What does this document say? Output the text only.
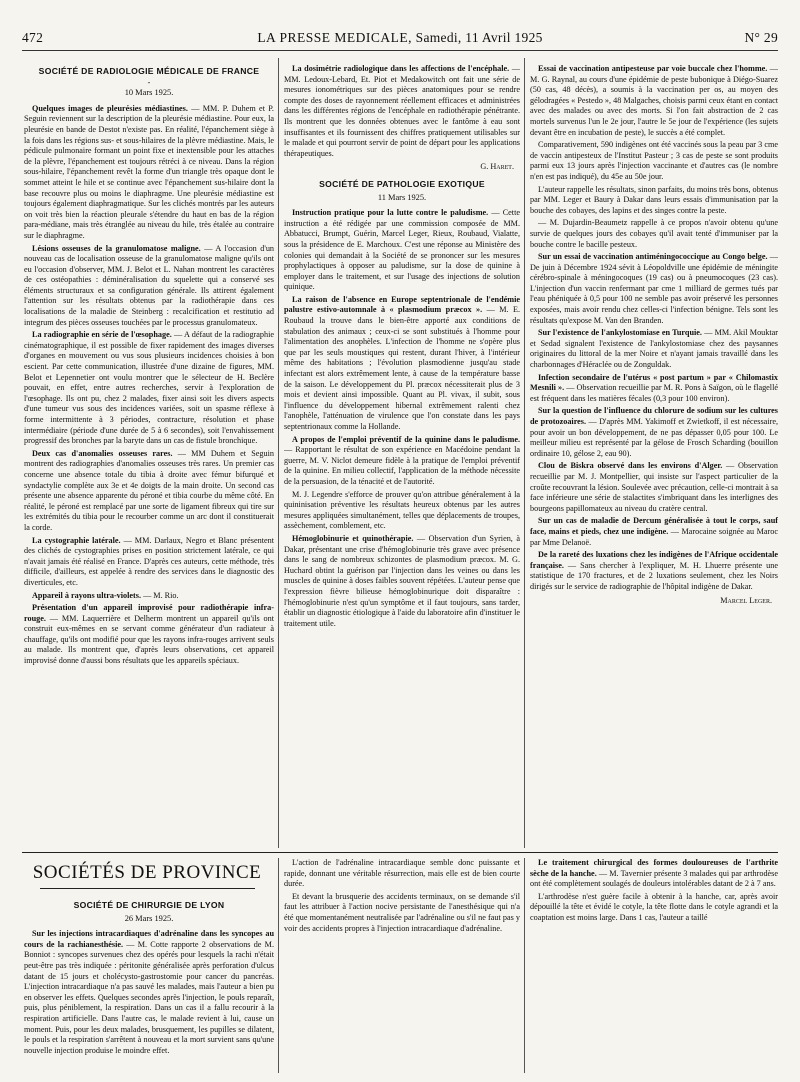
472	LA PRESSE MEDICALE, Samedi, 11 Avril 1925	N° 29
SOCIÉTÉ DE RADIOLOGIE MÉDICALE DE FRANCE
-
10 Mars 1925.

Quelques images de pleurésies médiastines. — MM. P. Duhem et P. Seguin reviennent sur la description de la pleurésie médiastine. Pour eux, la pleurésie en bande de Destot n'existe pas. En réalité, l'épanchement siège à la fois dans les régions sus- et sous-hilaires de la plèvre médiastine. Mais, le pédicule pulmonaire formant un point fixe et inextensible pour les attaches de la plèvre, l'épanchement est toujours rétréci à ce niveau. Dans la région sous-hilaire, l'épanchement revêt la forme d'un triangle très opaque dont le sommet atteint le hile et se continue avec l'épanchement sus-hilaire dont la base recouvre plus ou moins le diaphragme. Une pleurésie médiastine est toujours également diaphragmatique. Sur les clichés montrés par les auteurs on voit très bien la réaction pleurale s'étendre du haut en bas de la région para-médiane, mais très étranglée au niveau du hile, très étalée au contraire sur le diaphragme.

Lésions osseuses de la granulomatose maligne. — A l'occasion d'un nouveau cas de localisation osseuse de la granulomatose maligne qu'ils ont eu l'occasion d'observer, MM. J. Belot et L. Nahan montrent les caractères de ces ostéopathies : déminéralisation du squelette qui a conservé ses éléments structuraux et sa configuration générale. Ils attirent également l'attention sur les résultats obtenus par la radiothérapie dans ces localisations de la maladie de Steinberg : recalcification et restitutio ad integrum des pièces osseuses touchées par le processus granulomateux.

La radiographie en série de l'œsophage. — A défaut de la radiographie cinématographique, il est possible de fixer rapidement des images diverses d'organes en mouvement ou vus sous plusieurs incidences choisies à bon escient. Par cette communication, illustrée d'une dizaine de figures, MM. Belot et Lepennetier ont voulu montrer que le sélecteur de H. Beclère pouvait, en effet, entre autres recherches, servir à l'exploration de l'œsophage. Ils ont pu, chez 2 malades, fixer ainsi soit les divers aspects d'une tumeur vus sous des incidences variées, soit un spasme réflexe à forme intermittente à 3 périodes, contracture, résolution et phase intermédiaire (période d'une durée de 5 à 6 secondes), soit l'envahissement progressif des bronches par la baryte dans un cas de fistule bronchique.

Deux cas d'anomalies osseuses rares. — MM Duhem et Seguin montrent des radiographies d'anomalies osseuses très rares. Un premier cas concerne une absence totale du tibia à droite avec fémur bifurqué et syndactylie complète aux 3e et 4e doigts de la main droite. Un second cas présente une absence apparente du péroné et tibia courbe du même côté. En réalité, le péroné est remplacé par une sorte de ligament fibreux qui tire sur les extrémités du tibia pour le recourber comme un arc dont il constituerait la corde.

La cystographie latérale. — MM. Darlaux, Negro et Blanc présentent des clichés de cystographies prises en position strictement latérale, ce qui n'avait jamais été réalisé en France. D'après ces auteurs, cette méthode, très difficile, d'ailleurs, est appelée à rendre des services dans le diagnostic des diverticules, etc.

Appareil à rayons ultra-violets. — M. Rio.

Présentation d'un appareil improvisé pour radiothérapie infra-rouge. — MM. Laquerrière et Delherm montrent un appareil qu'ils ont construit eux-mêmes en se servant comme générateur d'un radiateur à chauffage, qu'ils ont modifié pour que les rayons infra-rouges arrivent seuls au malade. Ils montrent que, d'après leurs observations, cet appareil improvisé donne d'aussi bons résultats que les appareils spéciaux.

La dosimétrie radiologique dans les affections de l'encéphale. — MM. Ledoux-Lebard, Et. Piot et Medakowitch ont fait une série de mesures ionométriques sur des pièces anatomiques pour se rendre compte des doses de rayonnement réellement efficaces et administrées dans les différentes régions de l'encéphale en radiothérapie pénétrante. Ils montrent que les données obtenues avec le fantôme à eau sont insuffisantes et ils fournissent des chiffres pratiquement utilisables sur le malade et qui pourront servir de point de départ pour les applications thérapeutiques.

G. Haret.
SOCIÉTÉ DE PATHOLOGIE EXOTIQUE
11 Mars 1925.

Instruction pratique pour la lutte contre le paludisme. — Cette instruction a été rédigée par une commission composée de MM. Abbatucci, Brumpt, Guérin, Marcel Leger, Rieux, Roubaud, Vialatte, sous la présidence de E. Marchoux. C'est une réponse au Ministère des colonies qui demandait à la Société de se prononcer sur les mesures prophylactiques à opposer au paludisme, sur la dose de quinine à employer dans le traitement, et sur l'usage des injections de solution quinique.

La raison de l'absence en Europe septentrionale de l'endémie palustre estivo-automnale à « plasmodium præcox ». — M. E. Roubaud la trouve dans le bien-être apporté aux conditions de stabulation des animaux ; ceux-ci se sont substitués à l'homme pour l'alimentation des anophèles. L'infection de l'homme ne s'opère plus que par les seuls moustiques qui restent, durant l'hiver, à l'intérieur même des habitations ; l'évolution plasmodienne jusqu'au stade infectant est alors extrêmement lente, à cause de la température basse de la saison. Le développement du Pl. præcox nécessiterait plus de 3 mois et devient ainsi impossible. Quant au Pl. vivax, il subit, sous l'influence du développement hibernal extrêmement ralenti chez l'anophèle, l'atténuation de virulence que l'on constate dans les pays septentrionaux comme la Hollande.

A propos de l'emploi préventif de la quinine dans le paludisme. — Rapportant le résultat de son expérience en Macédoine pendant la guerre, M. V. Niclot demeure fidèle à la pratique de l'emploi préventif de la quinine. En milieu collectif, l'application de la méthode nécessite de la persuasion, de la ténacité et de l'autorité.

M. J. Legendre s'efforce de prouver qu'on attribue généralement à la quininisation préventive les résultats heureux obtenus par les autres mesures appliquées simultanément, telles que déplacements de troupes, assèchement, comblement, etc.

Hémoglobinurie et quinothérapie. — Observation d'un Syrien, à Dakar, présentant une crise d'hémoglobinurie très grave avec présence dans le sang de nombreux schizontes de plasmodium præcox. M. G. Huchard obtint la guérison par l'injection dans les veines ou dans les muscles de quinine à doses faibles souvent répétées. L'auteur pense que l'expression fièvre bilieuse hémoglobinurique doit disparaître : l'hémoglobinurie n'est qu'un symptôme et il faut toujours, sans tarder, établir un diagnostic étiologique à l'aide du laboratoire afin d'instituer le traitement utile.

Essai de vaccination antipesteuse par voie buccale chez l'homme. — M. G. Raynal, au cours d'une épidémie de peste bubonique à Diégo-Suarez (50 cas, 48 décès), a soumis à la vaccination per os, au moyen des gélodragées « Pestedo », 48 Malgaches, choisis parmi ceux étant en contact avec des malades ou avec des morts. Si l'on fait abstraction de 2 cas mortels survenus l'un le 2e jour, l'autre le 5e jour de l'expérience (les sujets devant être en incubation de peste), le succès a été complet.

Comparativement, 590 indigènes ont été vaccinés sous la peau par 3 cme de vaccin antipesteux de l'Institut Pasteur ; 3 cas de peste se sont produits parmi eux 13 jours après l'injection vaccinante et d'autres cas (le nombre n'en est pas indiqué), du 45e au 50e jour.

L'auteur rappelle les résultats, sinon parfaits, du moins très bons, obtenus par MM. Leger et Baury à Dakar dans leurs essais d'immunisation par la bouche des cobayes, des lapins et des singes contre la peste.

— M. Dujardin-Beaumetz rappelle à ce propos n'avoir obtenu qu'une survie de quelques jours des cobayes qu'il avait tenté d'immuniser par la bouche contre le bacille pesteux.

Sur un essai de vaccination antiméningococcique au Congo belge. — De juin à Décembre 1924 sévit à Léopoldville une épidémie de méningite cérébro-spinale à méningocoques (19 cas) ou à pneumocoques (23 cas). L'injection d'un vaccin renfermant par cme 1 milliard de germes tués par l'eau phéniquée à 0,5 pour 100 ne semble pas avoir préservé les personnes exposées, mais avoir rendu chez celles-ci l'infection bénigne. Tels sont les résultats qu'expose M. Van den Branden.

Sur l'existence de l'ankylostomiase en Turquie. — MM. Akil Mouktar et Sedad signalent l'existence de l'ankylostomiase chez des paysannes originaires du littoral de la mer Noire et n'ayant jamais travaillé dans les charbonnages d'Héraclée ou de Zonguldak.

Infection secondaire de l'utérus « post partum » par « Chilomastix Mesnili ». — Observation recueillie par M. R. Pons à Saïgon, où le flagellé est fréquent dans les matières fécales (0,3 pour 100 environ).

Sur la question de l'influence du chlorure de sodium sur les cultures de protozoaires. — D'après MM. Yakimoff et Zwietkoff, il est nécessaire, pour avoir un bon développement, de ne pas dépasser 0,05 pour 100. Le meilleur milieu est représenté par la gélose de Frosch Scharding (bouillon ordinaire 10, gélose 2, eau 90).

Clou de Biskra observé dans les environs d'Alger. — Observation recueillie par M. J. Montpellier, qui insiste sur l'aspect particulier de la croûte recouvrant la lésion. Soulevée avec précaution, celle-ci montrait à sa face inférieure une série de stalactites s'imbriquant dans les interlignes des bourgeons papillomateux au niveau du cratère central.

Sur un cas de maladie de Dercum généralisée à tout le corps, sauf face, mains et pieds, chez une indigène. — Marocaine soignée au Maroc par Mme Delanoë.

De la rareté des luxations chez les indigènes de l'Afrique occidentale française. — Sans chercher à l'expliquer, M. H. Lhuerre présente une statistique de 170 fractures, et de 2 luxations seulement, chez les Noirs dirigés sur le service de radiographie de l'hôpital indigène de Dakar.

Marcel Leger.
SOCIÉTÉS DE PROVINCE
SOCIÉTÉ DE CHIRURGIE DE LYON
26 Mars 1925.

Sur les injections intracardiaques d'adrénaline dans les syncopes au cours de la rachianesthésie. — M. Cotte rapporte 2 observations de M. Bonniot : syncopes survenues chez des opérés pour lesquels la rachi n'était peut-être pas très indiquée : péritonite généralisée après perforation d'ulcus datant de 15 jours et cholécysto-gastrostomie pour cancer du pancréas. L'injection intracardiaque n'a pas sauvé les malades, mais l'auteur a bien pu en observer les effets. Quelques secondes après l'injection, le pouls reparaît, puis, plus péniblement, la respiration. Dans un cas il a fallu recourir à la respiration artificielle. Dans l'autre cas, le malade revient à lui, cause un moment. Puis, pour les deux malades, brusquement, les pupilles se dilatent, le pouls et la respiration s'arrêtent à nouveau et la mort survient sans qu'une nouvelle injection produise le moindre effet.

L'action de l'adrénaline intracardiaque semble donc puissante et rapide, donnant une véritable résurrection, mais elle est de bien courte durée.

Et devant la brusquerie des accidents terminaux, on se demande s'il faut les attribuer à l'action nocive persistante de l'anesthésique qui n'a été que momentanément neutralisée par l'adrénaline ou s'il ne faut pas y voir des accidents propres à l'injection intracardiaque d'adrénaline.

Le traitement chirurgical des formes douloureuses de l'arthrite sèche de la hanche. — M. Tavernier présente 3 malades qui par arthrodèse ont été complètement soulagés de douleurs intolérables datant de 2 à 7 ans.

L'arthrodèse n'est guère facile à obtenir à la hanche, car, après avoir dépouillé la tête et évidé le cotyle, la tête flotte dans le cotyle agrandi et la coaptation est moins large. Dans 1 cas, l'auteur a taillé
